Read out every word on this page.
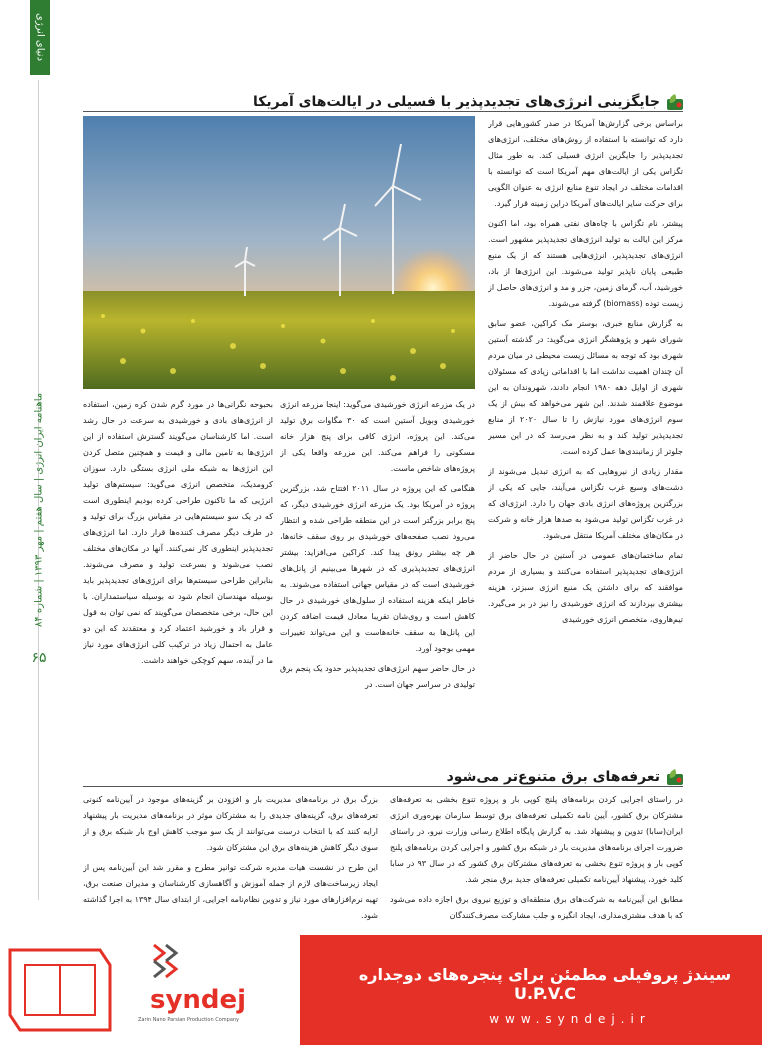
دنیای انرژی
ماهنامه ایران انرژی | سال هفتم | مهر ۱۳۹۳ | شماره ۸۴
۶۵
جایگزینی انرژی‌های تجدیدپذیر با فسیلی در ایالت‌های آمریکا

براساس برخی گزارش‌ها آمریکا در صدر کشورهایی قرار دارد که توانسته با استفاده از روش‌های مختلف، انرژی‌های تجدیدپذیر را جایگزین انرژی فسیلی کند. به طور مثال تگزاس یکی از ایالت‌های مهم آمریکا است که توانسته با اقدامات مختلف در ایجاد تنوع منابع انرژی به عنوان الگویی برای حرکت سایر ایالت‌های آمریکا دراین زمینه قرار گیرد.

پیشتر، نام تگزاس با چاه‌های نفتی همراه بود، اما اکنون مرکز این ایالت به تولید انرژی‌های تجدیدپذیر مشهور است. انرژی‌های تجدیدپذیر، انرژی‌هایی هستند که از یک منبع طبیعی پایان ناپذیر تولید می‌شوند. این انرژی‌ها از باد، خورشید، آب، گرمای زمین، جزر و مد و انرژی‌های حاصل از زیست توده (biomass) گرفته می‌شوند.

به گزارش منابع خبری، بوستر مک کراکین، عضو سابق شورای شهر و پژوهشگر انرژی می‌گوید: در گذشته آستین شهری بود که توجه به مسائل زیست محیطی در میان مردم آن چندان اهمیت نداشت اما با اقداماتی زیادی که مسئولان شهری از اوایل دهه ۱۹۸۰ انجام دادند، شهروندان به این موضوع علاقمند شدند. این شهر می‌خواهد که بیش از یک سوم انرژی‌های مورد نیازش را تا سال ۲۰۲۰ از منابع تجدیدپذیر تولید کند و به نظر می‌رسد که در این مسیر جلوتر از زمانبندی‌ها عمل کرده است.

مقدار زیادی از نیروهایی که به انرژی تبدیل می‌شوند از دشت‌های وسیع غرب تگزاس می‌آیند، جایی که یکی از بزرگترین پروژه‌های انرژی بادی جهان را دارد. انرژی‌ای که در غرب تگزاس تولید می‌شود به صدها هزار خانه و شرکت در مکان‌های مختلف آمریکا منتقل می‌شود.

تمام ساختمان‌های عمومی در آستین در حال حاضر از انرژی‌های تجدیدپذیر استفاده می‌کنند و بسیاری از مردم موافقند که برای داشتن یک منبع انرژی سبزتر، هزینه بیشتری بپردازند که انرژی خورشیدی را نیز در بر می‌گیرد. تیم‌هاروی، متخصص انرژی خورشیدی

در یک مزرعه انرژی خورشیدی می‌گوید: اینجا مزرعه انرژی خورشیدی وبویل آستین است که ۳۰ مگاوات برق تولید می‌کند. این پروژه، انرژی کافی برای پنج هزار خانه مسکونی را فراهم می‌کند. این مزرعه واقعا یکی از پروژه‌های شاخص ماست.

هنگامی که این پروژه در سال ۲۰۱۱ افتتاح شد، بزرگترین پروژه در آمریکا بود. یک مزرعه انرژی خورشیدی دیگر، که پنج برابر بزرگتر است در این منطقه طراحی شده و انتظار می‌رود نصب صفحه‌های خورشیدی بر روی سقف خانه‌ها، هر چه بیشتر رونق پیدا کند. کراکین می‌افزاید: بیشتر انرژی‌های تجدیدپذیری که در شهرها می‌بینیم از پانل‌های خورشیدی است که در مقیاس جهانی استفاده می‌شوند. به خاطر اینکه هزینه استفاده از سلول‌های خورشیدی در حال کاهش است و روی‌شان تقریبا معادل قیمت اضافه کردن این پانل‌ها به سقف خانه‌هاست و این می‌تواند تغییرات مهمی بوجود آورد.

در حال حاضر سهم انرژی‌های تجدیدپذیر حدود یک پنجم برق تولیدی در سراسر جهان است. در

بحبوحه نگرانی‌ها در مورد گرم شدن کره زمین، استفاده از انرژی‌های بادی و خورشیدی به سرعت در حال رشد است. اما کارشناسان می‌گویند گسترش استفاده از این انرژی‌ها به تامین مالی و قیمت و همچنین متصل کردن این انرژی‌ها به شبکه ملی انرژی بستگی دارد. سوزان کرومدیک، متخصص انرژی می‌گوید: سیستم‌های تولید انرژیی که ما تاکنون طراحی کرده بودیم اینطوری است که در یک سو سیستم‌هایی در مقیاس بزرگ برای تولید و در طرف دیگر مصرف کننده‌ها قرار دارد. اما انرژی‌های تجدیدپذیر اینطوری کار نمی‌کنند. آنها در مکان‌های مختلف نصب می‌شوند و بسرعت تولید و مصرف می‌شوند. بنابراین طراحی سیستم‌ها برای انرژی‌های تجدیدپذیر باید بوسیله مهندسان انجام شود نه بوسیله سیاستمداران. با این حال، برخی متخصصان می‌گویند که نمی توان به قول و قرار باد و خورشید اعتماد کرد و معتقدند که این دو عامل به احتمال زیاد در ترکیب کلی انرژی‌های مورد نیاز ما در آینده، سهم کوچکی خواهند داشت.

تعرفه‌های برق متنوع‌تر می‌شود

در راستای اجرایی کردن برنامه‌های پلنج کوپی بار و پروژه تنوع بخشی به تعرفه‌های مشترکان برق کشور، آیین نامه تکمیلی تعرفه‌های برق توسط سازمان بهره‌وری انرژی ایران(سابا) تدوین و پیشنهاد شد. به گزارش پایگاه اطلاع رسانی وزارت نیرو، در راستای ضرورت اجرای برنامه‌های مدیریت بار در شبکه برق کشور و اجرایی کردن برنامه‌های پلنج کوپی بار و پروژه تنوع بخشی به تعرفه‌های مشترکان برق کشور که در سال ۹۳ در سابا کلید خورد، پیشنهاد آیین‌نامه تکمیلی تعرفه‌های جدید برق منجر شد.

مطابق این آیین‌نامه به شرکت‌های برق منطقه‌ای و توزیع نیروی برق اجازه داده می‌شود که با هدف مشتری‌مداری، ایجاد انگیزه و جلب مشارکت مصرف‌کنندگان

بزرگ برق در برنامه‌های مدیریت بار و افزودن بر گزینه‌های موجود در آیین‌نامه کنونی تعرفه‌های برق، گزینه‌های جدیدی را به مشترکان موثر در برنامه‌های مدیریت بار پیشنهاد ارایه کنند که با انتخاب درست می‌توانند از یک سو موجب کاهش اوج بار شبکه برق و از سوی دیگر کاهش هزینه‌های برق این مشترکان شود.

این طرح در نشست هیات مدیره شرکت توانیر مطرح و مقرر شد این آیین‌نامه پس از ایجاد زیرساخت‌های لازم از جمله آموزش و آگاهسازی کارشناسان و مدیران صنعت برق، تهیه نرم‌افزارهای مورد نیاز و تدوین نظام‌نامه اجرایی، از ابتدای سال ۱۳۹۴ به اجرا گذاشته شود.

syndej
Zarin Nano Parsian Production Company
سیندژ پروفیلی مطمئن برای پنجره‌های دوجداره U.P.V.C
www.syndej.ir
